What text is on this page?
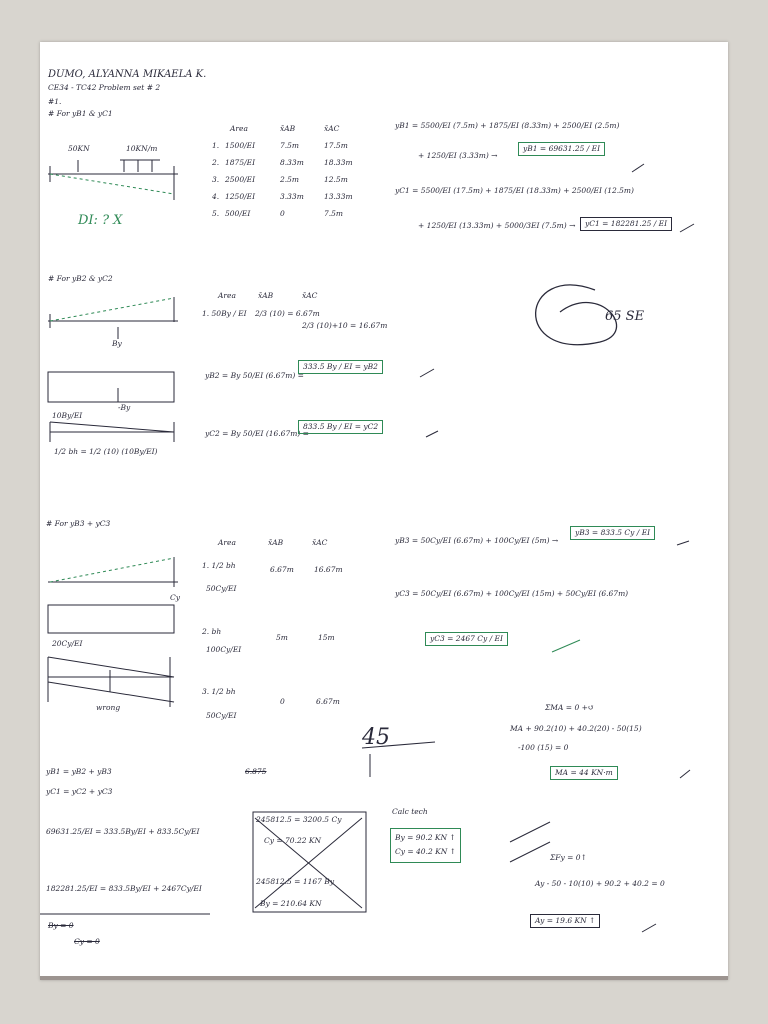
DUMO, ALYANNA MIKAELA K.
CE34 - TC42 Problem set # 2
#1.
# For yB1 & yC1
50KN	10KN/m
DI: ? X
Area	x̄AB	x̄AC
1. 1500/EI	7.5m	17.5m
2. 1875/EI	8.33m	18.33m
3. 2500/EI	2.5m	12.5m
4. 1250/EI	3.33m	13.33m
5. 500/EI	0	7.5m
yB1 = 5500/EI (7.5m) + 1875/EI (8.33m) + 2500/EI (2.5m)
+ 1250/EI (3.33m) →
yB1 = 69631.25 / EI
yC1 = 5500/EI (17.5m) + 1875/EI (18.33m) + 2500/EI (12.5m)
+ 1250/EI (13.33m) + 5000/3EI (7.5m) →	yC1 = 182281.25 / EI
65 SE
# For yB2 & yC2
By
Area	x̄AB	x̄AC
1. 50By / EI 2/3 (10) = 6.67m
2/3 (10)+10 = 16.67m
-By
10By/EI
1/2 bh = 1/2 (10) (10By/EI)
yB2 = By 50/EI (6.67m) =
333.5 By / EI = yB2
yC2 = By 50/EI (16.67m) =
833.5 By / EI = yC2
# For yB3 + yC3
Cy
Area	x̄AB	x̄AC
1. 1/2 bh
50Cy/EI
6.67m	16.67m
2. bh
100Cy/EI
5m	15m
3. 1/2 bh
50Cy/EI
0	6.67m
20Cy/EI
wrong
yB3 = 50Cy/EI (6.67m) + 100Cy/EI (5m) →
yB3 = 833.5 Cy / EI
yC3 = 50Cy/EI (6.67m) + 100Cy/EI (15m) + 50Cy/EI (6.67m)
yC3 = 2467 Cy / EI
45
yB1 = yB2 + yB3
yC1 = yC2 + yC3
69631.25/EI = 333.5By/EI + 833.5Cy/EI
182281.25/EI = 833.5By/EI + 2467Cy/EI
6.875
By = 0
Cy = 0
245812.5 = 3200.5 Cy
Cy = 70.22 KN
245812.5 = 1167 By
By = 210.64 KN
Calc tech
By = 90.2 KN ↑
Cy = 40.2 KN ↑
ΣMA = 0 +↺
MA + 90.2(10) + 40.2(20) - 50(15)
-100 (15) = 0
MA = 44 KN·m
ΣFy = 0↑
Ay - 50 - 10(10) + 90.2 + 40.2 = 0
Ay = 19.6 KN ↑
